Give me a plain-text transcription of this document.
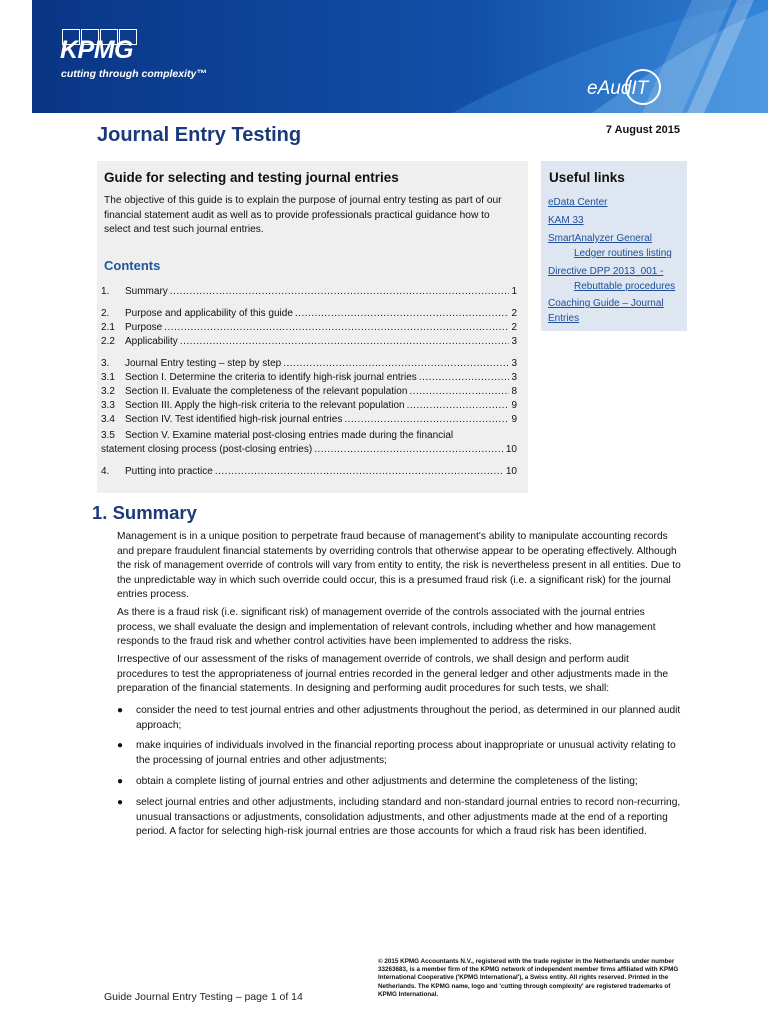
KPMG
cutting through complexity™
eAudIT
Journal Entry Testing	7 August 2015
Guide for selecting and testing journal entries
The objective of this guide is to explain the purpose of journal entry testing as part of our financial statement audit as well as to provide professionals practical guidance how to select and test such journal entries.
Contents
1.	Summary .....	1
2.	Purpose and applicability of this guide .....	2
2.1	Purpose .....	2
2.2	Applicability .....	3
3.	Journal Entry testing – step by step .....	3
3.1	Section I. Determine the criteria to identify high-risk journal entries .....	3
3.2	Section II. Evaluate the completeness of the relevant population .....	8
3.3	Section III. Apply the high-risk criteria to the relevant population .....	9
3.4	Section IV. Test identified high-risk journal entries .....	9
3.5 Section V. Examine material post-closing entries made during the financial
statement closing process (post-closing entries) .....	10
4.	Putting into practice .....	10
Useful links
eData Center
KAM 33
SmartAnalyzer General
Ledger routines listing
Directive DPP 2013_001 -
Rebuttable procedures
Coaching Guide – Journal
Entries
1. Summary
Management is in a unique position to perpetrate fraud because of management's ability to manipulate accounting records and prepare fraudulent financial statements by overriding controls that otherwise appear to be operating effectively. Although the risk of management override of controls will vary from entity to entity, the risk is nevertheless present in all entities. Due to the unpredictable way in which such override could occur, this is a presumed fraud risk (i.e. a significant risk) for the journal entries process.
As there is a fraud risk (i.e. significant risk) of management override of the controls associated with the journal entries process, we shall evaluate the design and implementation of relevant controls, including whether and how management responds to the fraud risk and whether control activities have been implemented to address the risks.
Irrespective of our assessment of the risks of management override of controls, we shall design and perform audit procedures to test the appropriateness of journal entries recorded in the general ledger and other adjustments made in the preparation of the financial statements. In designing and performing audit procedures for such tests, we shall:
● consider the need to test journal entries and other adjustments throughout the period, as determined in our planned audit approach;
● make inquiries of individuals involved in the financial reporting process about inappropriate or unusual activity relating to the processing of journal entries and other adjustments;
● obtain a complete listing of journal entries and other adjustments and determine the completeness of the listing;
● select journal entries and other adjustments, including standard and non-standard journal entries to record non-recurring, unusual transactions or adjustments, consolidation adjustments, and other adjustments made at the end of a reporting period. A factor for selecting high-risk journal entries are those accounts for which a fraud risk has been identified.
© 2015 KPMG Accountants N.V., registered with the trade register in the Netherlands under number 33263683, is a member firm of the KPMG network of independent member firms affiliated with KPMG International Cooperative ('KPMG International'), a Swiss entity. All rights reserved. Printed in the Netherlands. The KPMG name, logo and 'cutting through complexity' are registered trademarks of KPMG International.
Guide Journal Entry Testing – page 1 of 14
